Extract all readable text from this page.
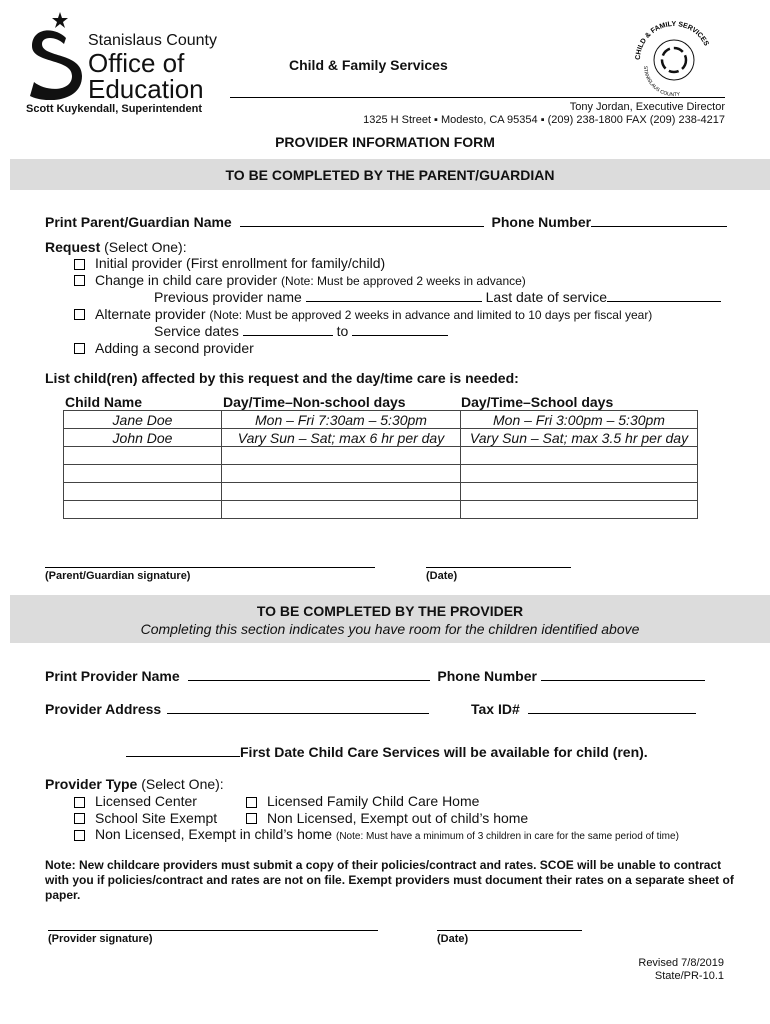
Stanislaus County
Office of
Education
Scott Kuykendall, Superintendent
Child & Family Services	CHILD & FAMILY SERVICES
STANISLAUS COUNTY
Tony Jordan, Executive Director
1325 H Street ▪ Modesto, CA 95354 ▪ (209) 238-1800 FAX (209) 238-4217
PROVIDER INFORMATION FORM
TO BE COMPLETED BY THE PARENT/GUARDIAN
Print Parent/Guardian Name	Phone Number
Request (Select One):
Initial provider (First enrollment for family/child)
Change in child care provider (Note: Must be approved 2 weeks in advance)
Previous provider name	Last date of service
Alternate provider (Note: Must be approved 2 weeks in advance and limited to 10 days per fiscal year)
Service dates	to
Adding a second provider
List child(ren) affected by this request and the day/time care is needed:
Child Name	Day/Time–Non-school days	Day/Time–School days
Jane Doe	Mon – Fri 7:30am – 5:30pm	Mon – Fri 3:00pm – 5:30pm
John Doe	Vary Sun – Sat; max 6 hr per day	Vary Sun – Sat; max 3.5 hr per day

(Parent/Guardian signature)	(Date)
TO BE COMPLETED BY THE PROVIDER
Completing this section indicates you have room for the children identified above
Print Provider Name	Phone Number
Provider Address	Tax ID#
First Date Child Care Services will be available for child (ren).
Provider Type (Select One):
Licensed Center	Licensed Family Child Care Home
School Site Exempt	Non Licensed, Exempt out of child’s home
Non Licensed, Exempt in child’s home (Note: Must have a minimum of 3 children in care for the same period of time)
Note: New childcare providers must submit a copy of their policies/contract and rates. SCOE will be unable to contract with you if policies/contract and rates are not on file. Exempt providers must document their rates on a separate sheet of paper.
(Provider signature)	(Date)
Revised 7/8/2019
State/PR-10.1
